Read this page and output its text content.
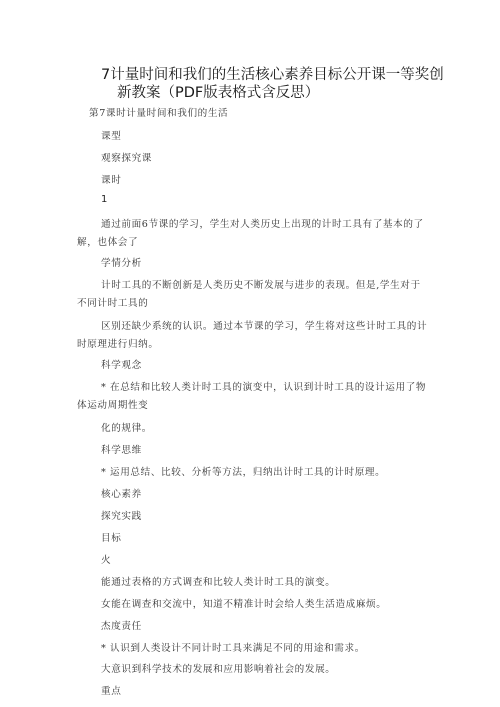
7计量时间和我们的生活核心素养目标公开课一等奖创
新教案（PDF版表格式含反思）
第7课时计量时间和我们的生活
课型
观察探究课
课时
1
通过前面6节课的学习，学生对人类历史上出现的计时工具有了基本的了
解，也体会了
学情分析
计时工具的不断创新是人类历史不断发展与进步的表现。但是,学生对于
不同计时工具的
区别还缺少系统的认识。通过本节课的学习，学生将对这些计时工具的计
时原理进行归纳。
科学观念
* 在总结和比较人类计时工具的演变中，认识到计时工具的设计运用了物
体运动周期性变
化的规律。
科学思维
* 运用总结、比较、分析等方法，归纳出计时工具的计时原理。
核心素养
探究实践
目标
火
能通过表格的方式调查和比较人类计时工具的演变。
女能在调查和交流中，知道不精准计时会给人类生活造成麻烦。
杰度责任
* 认识到人类设计不同计时工具来满足不同的用途和需求。
大意识到科学技术的发展和应用影响着社会的发展。
重点
